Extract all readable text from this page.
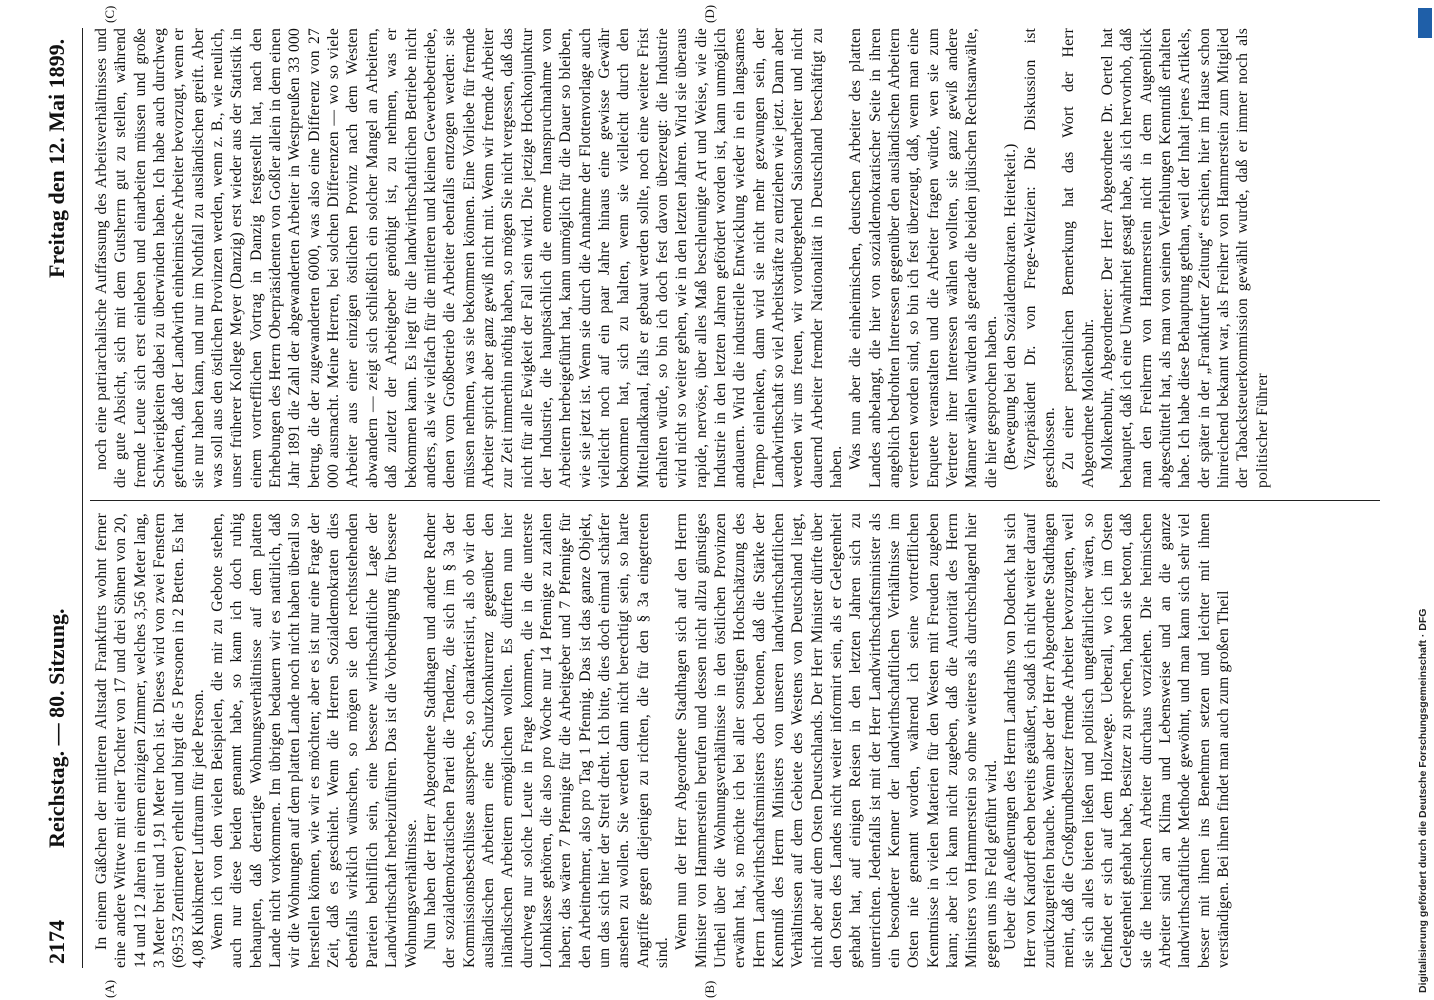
2174
Reichstag. — 80. Sitzung.
Freitag den 12. Mai 1899.
(A)	(B)
(C)	(D)

In einem Gäßchen der mittleren Altstadt Frankfurts wohnt ferner eine andere Wittwe mit einer Tochter von 17 und drei Söhnen von 20, 14 und 12 Jahren in einem einzigen Zimmer, welches 3,56 Meter lang, 3 Meter breit und 1,91 Meter hoch ist. Dieses wird von zwei Fenstern (69:53 Zentimeter) erhellt und birgt die 5 Personen in 2 Betten. Es hat 4,08 Kubikmeter Luftraum für jede Person. Wenn ich von den vielen Beispielen, die mir zu Gebote stehen, auch nur diese beiden genannt habe, so kann ich doch ruhig behaupten, daß derartige Wohnungsverhältnisse auf dem platten Lande nicht vorkommen. Im übrigen bedauern wir es natürlich, daß wir die Wohnungen auf dem platten Lande noch nicht haben überall so herstellen können, wie wir es möchten; aber es ist nur eine Frage der Zeit, daß es geschieht. Wenn die Herren Sozialdemokraten dies ebenfalls wirklich wünschen, so mögen sie den rechtsstehenden Parteien behilflich sein, eine bessere wirthschaftliche Lage der Landwirthschaft herbeizuführen. Das ist die Vorbedingung für bessere Wohnungsverhältnisse. Nun haben der Herr Abgeordnete Stadthagen und andere Redner der sozialdemokratischen Partei die Tendenz, die sich im § 3a der Kommissionsbeschlüsse ausspreche, so charakterisirt, als ob wir den ausländischen Arbeitern eine Schutzkonkurrenz gegenüber den inländischen Arbeitern ermöglichen wollten. Es dürften nun hier durchweg nur solche Leute in Frage kommen, die in die unterste Lohnklasse gehören, die also pro Woche nur 14 Pfennige zu zahlen haben; das wären 7 Pfennige für die Arbeitgeber und 7 Pfennige für den Arbeitnehmer, also pro Tag 1 Pfennig. Das ist das ganze Objekt, um das sich hier der Streit dreht. Ich bitte, dies doch einmal schärfer ansehen zu wollen. Sie werden dann nicht berechtigt sein, so harte Angriffe gegen diejenigen zu richten, die für den § 3a eingetreten sind.

Wenn nun der Herr Abgeordnete Stadthagen sich auf den Herrn Minister von Hammerstein berufen und dessen nicht allzu günstiges Urtheil über die Wohnungsverhältnisse in den östlichen Provinzen erwähnt hat, so möchte ich bei aller sonstigen Hochschätzung des Herrn Landwirthschaftsministers doch betonen, daß die Stärke der Kenntniß des Herrn Ministers von unseren landwirthschaftlichen Verhältnissen auf dem Gebiete des Westens von Deutschland liegt, nicht aber auf dem Osten Deutschlands. Der Herr Minister dürfte über den Osten des Landes nicht weiter informirt sein, als er Gelegenheit gehabt hat, auf einigen Reisen in den letzten Jahren sich zu unterrichten. Jedenfalls ist mit der Herr Landwirthschaftsminister als ein besonderer Kenner der landwirthschaftlichen Verhältnisse im Osten nie genannt worden, während ich seine vortrefflichen Kenntnisse in vielen Materien für den Westen mit Freuden zugeben kann; aber ich kann nicht zugeben, daß die Autorität des Herrn Ministers von Hammerstein so ohne weiteres als durchschlagend hier gegen uns ins Feld geführt wird. Ueber die Aeußerungen des Herrn Landraths von Dodenck hat sich Herr von Kardorff eben bereits geäußert, sodaß ich nicht weiter darauf zurückzugreifen brauche. Wenn aber der Herr Abgeordnete Stadthagen meint, daß die Großgrundbesitzer fremde Arbeiter bevorzugten, weil sie sich alles bieten ließen und politisch ungefährlicher wären, so befindet er sich auf dem Holzwege. Ueberall, wo ich im Osten Gelegenheit gehabt habe, Besitzer zu sprechen, haben sie betont, daß sie die heimischen Arbeiter durchaus vorziehen. Die heimischen Arbeiter sind an Klima und Lebensweise und an die ganze landwirthschaftliche Methode gewöhnt, und man kann sich sehr viel besser mit ihnen ins Benehmen setzen und leichter mit ihnen verständigen. Bei ihnen findet man auch zum großen Theil

noch eine patriarchalische Auffassung des Arbeitsverhältnisses und die gute Absicht, sich mit dem Gutsherrn gut zu stellen, während fremde Leute sich erst einleben und einarbeiten müssen und große Schwierigkeiten dabei zu überwinden haben. Ich habe auch durchweg gefunden, daß der Landwirth einheimische Arbeiter bevorzugt, wenn er sie nur haben kann, und nur im Nothfall zu ausländischen greift. Aber was soll aus den östlichen Provinzen werden, wenn z. B., wie neulich, unser früherer Kollege Meyer (Danzig) erst wieder aus der Statistik in einem vortrefflichen Vortrag in Danzig festgestellt hat, nach den Erhebungen des Herrn Oberpräsidenten von Goßler allein in dem einen Jahr 1891 die Zahl der abgewanderten Arbeiter in Westpreußen 33 000 betrug, die der zugewanderten 6000, was also eine Differenz von 27 000 ausmacht. Meine Herren, bei solchen Differenzen — wo so viele Arbeiter aus einer einzigen östlichen Provinz nach dem Westen abwandern — zeigt sich schließlich ein solcher Mangel an Arbeitern, daß zuletzt der Arbeitgeber genöthigt ist, zu nehmen, was er bekommen kann. Es liegt für die landwirthschaftlichen Betriebe nicht anders, als wie vielfach für die mittleren und kleinen Gewerbebetriebe, denen vom Großbetrieb die Arbeiter ebenfalls entzogen werden: sie müssen nehmen, was sie bekommen können. Eine Vorliebe für fremde Arbeiter spricht aber ganz gewiß nicht mit. Wenn wir fremde Arbeiter zur Zeit immerhin nöthig haben, so mögen Sie nicht vergessen, daß das nicht für alle Ewigkeit der Fall sein wird. Die jetzige Hochkonjunktur der Industrie, die hauptsächlich die enorme Inanspruchnahme von Arbeitern herbeigeführt hat, kann unmöglich für die Dauer so bleiben, wie sie jetzt ist. Wenn sie durch die Annahme der Flottenvorlage auch vielleicht noch auf ein paar Jahre hinaus eine gewisse Gewähr bekommen hat, sich zu halten, wenn sie vielleicht durch den Mittellandkanal, falls er gebaut werden sollte, noch eine weitere Frist erhalten würde, so bin ich doch fest davon überzeugt: die Industrie wird nicht so weiter gehen, wie in den letzten Jahren. Wird sie überaus rapide, nervöse, über alles Maß beschleunigte Art und Weise, wie die Industrie in den letzten Jahren gefördert worden ist, kann unmöglich andauern. Wird die industrielle Entwicklung wieder in ein langsames Tempo einlenken, dann wird sie nicht mehr gezwungen sein, der Landwirthschaft so viel Arbeitskräfte zu entziehen wie jetzt. Dann aber werden wir uns freuen, wir vorübergehend Saisonarbeiter und nicht dauernd Arbeiter fremder Nationalität in Deutschland beschäftigt zu haben. Was nun aber die einheimischen, deutschen Arbeiter des platten Landes anbelangt, die hier von sozialdemokratischer Seite in ihren angeblich bedrohten Interessen gegenüber den ausländischen Arbeitern vertreten worden sind, so bin ich fest überzeugt, daß, wenn man eine Enquete veranstalten und die Arbeiter fragen würde, wen sie zum Vertreter ihrer Interessen wählen wollten, sie ganz gewiß andere Männer wählen würden als gerade die beiden jüdischen Rechtsanwälte, die hier gesprochen haben. (Bewegung bei den Sozialdemokraten. Heiterkeit.) Vizepräsident Dr. von Frege-Weltzien: Die Diskussion ist geschlossen. Zu einer persönlichen Bemerkung hat das Wort der Herr Abgeordnete Molkenbuhr. Molkenbuhr, Abgeordneter: Der Herr Abgeordnete Dr. Oertel hat behauptet, daß ich eine Unwahrheit gesagt habe, als ich hervorhob, daß man den Freiherrn von Hammerstein nicht in dem Augenblick abgeschüttelt hat, als man von seinen Verfehlungen Kenntniß erhalten habe. Ich habe diese Behauptung gethan, weil der Inhalt jenes Artikels, der später in der „Frankfurter Zeitung“ erschien, hier im Hause schon hinreichend bekannt war, als Freiherr von Hammerstein zum Mitglied der Tabacksteuerkommission gewählt wurde, daß er immer noch als politischer Führer

Digitalisierung gefördert durch die Deutsche Forschungsgemeinschaft · DFG
